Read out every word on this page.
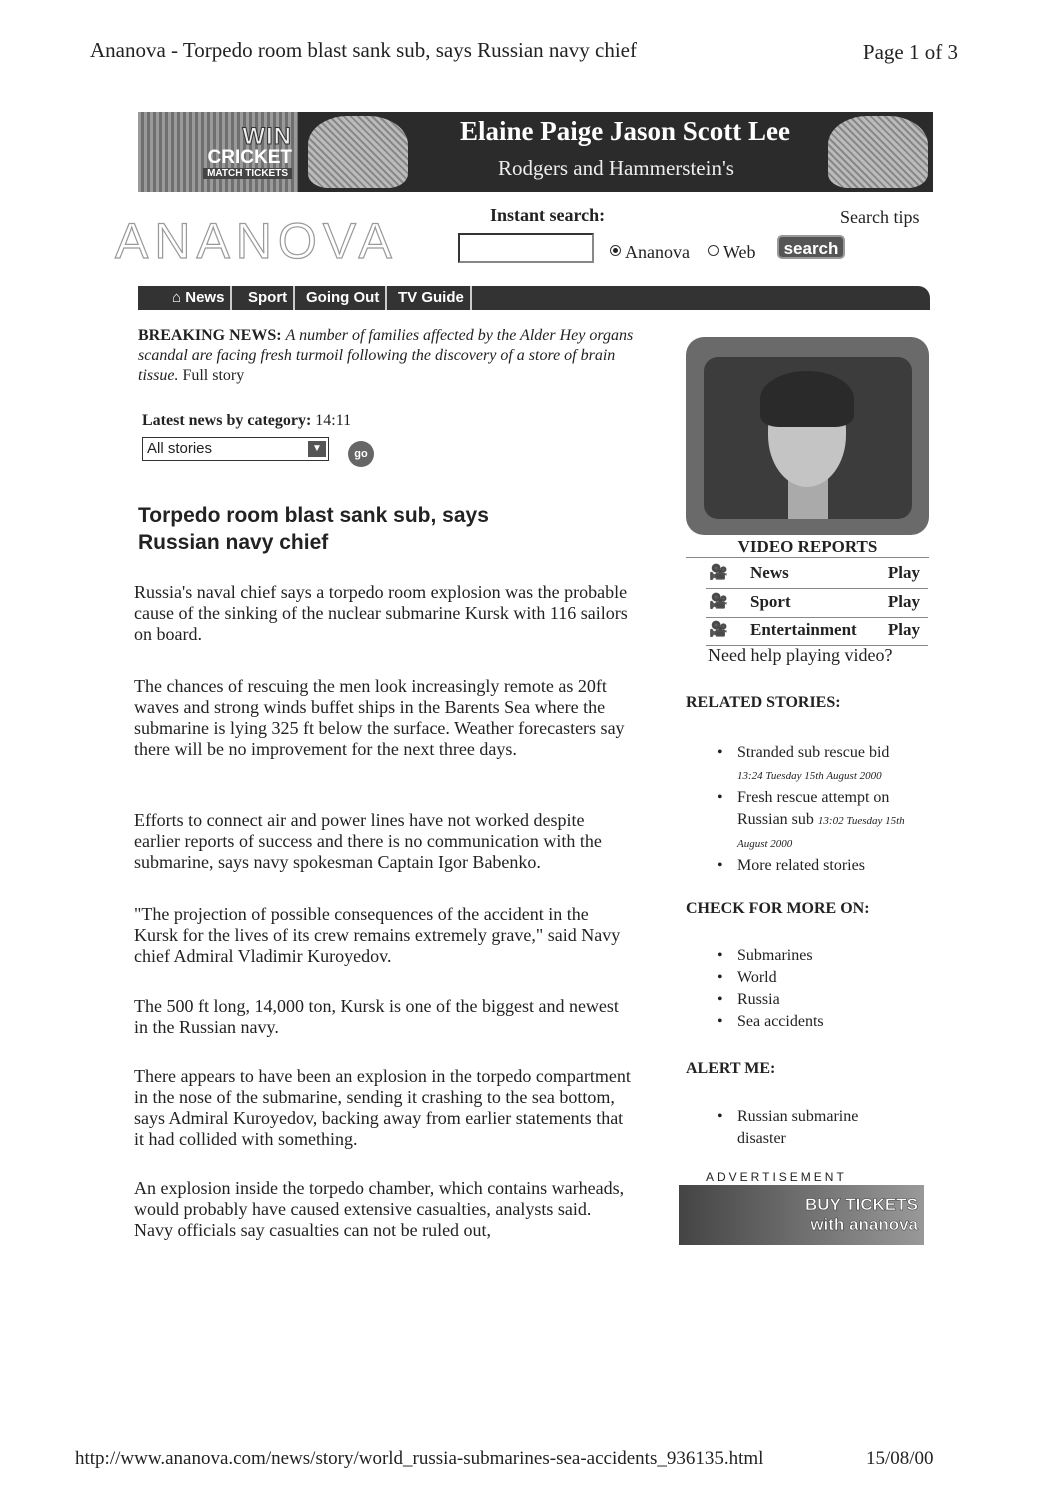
Ananova - Torpedo room blast sank sub, says Russian navy chief	Page 1 of 3
WIN
CRICKET
MATCH TICKETS
Elaine Paige Jason Scott Lee
Rodgers and Hammerstein's
ANANOVA	Instant search:	Search tips
Ananova	Web	search
⌂ News	Sport	Going Out	TV Guide
BREAKING NEWS: A number of families affected by the Alder Hey organs scandal are facing fresh turmoil following the discovery of a store of brain tissue. Full story
Latest news by category: 14:11
All stories	▼	go
Torpedo room blast sank sub, says Russian navy chief
Russia's naval chief says a torpedo room explosion was the probable cause of the sinking of the nuclear submarine Kursk with 116 sailors on board.
The chances of rescuing the men look increasingly remote as 20ft waves and strong winds buffet ships in the Barents Sea where the submarine is lying 325 ft below the surface. Weather forecasters say there will be no improvement for the next three days.
Efforts to connect air and power lines have not worked despite earlier reports of success and there is no communication with the submarine, says navy spokesman Captain Igor Babenko.
"The projection of possible consequences of the accident in the Kursk for the lives of its crew remains extremely grave," said Navy chief Admiral Vladimir Kuroyedov.
The 500 ft long, 14,000 ton, Kursk is one of the biggest and newest in the Russian navy.
There appears to have been an explosion in the torpedo compartment in the nose of the submarine, sending it crashing to the sea bottom, says Admiral Kuroyedov, backing away from earlier statements that it had collided with something.
An explosion inside the torpedo chamber, which contains warheads, would probably have caused extensive casualties, analysts said. Navy officials say casualties can not be ruled out,
VIDEO REPORTS
🎥 News	Play
🎥 Sport	Play
🎥 Entertainment Play
Need help playing video?
RELATED STORIES:
• Stranded sub rescue bid
13:24 Tuesday 15th August 2000
• Fresh rescue attempt on Russian sub 13:02 Tuesday 15th August 2000
• More related stories
CHECK FOR MORE ON:
• Submarines
• World
• Russia
• Sea accidents
ALERT ME:
• Russian submarine disaster
ADVERTISEMENT
BUY TICKETS
with ananova
http://www.ananova.com/news/story/world_russia-submarines-sea-accidents_936135.html	15/08/00
